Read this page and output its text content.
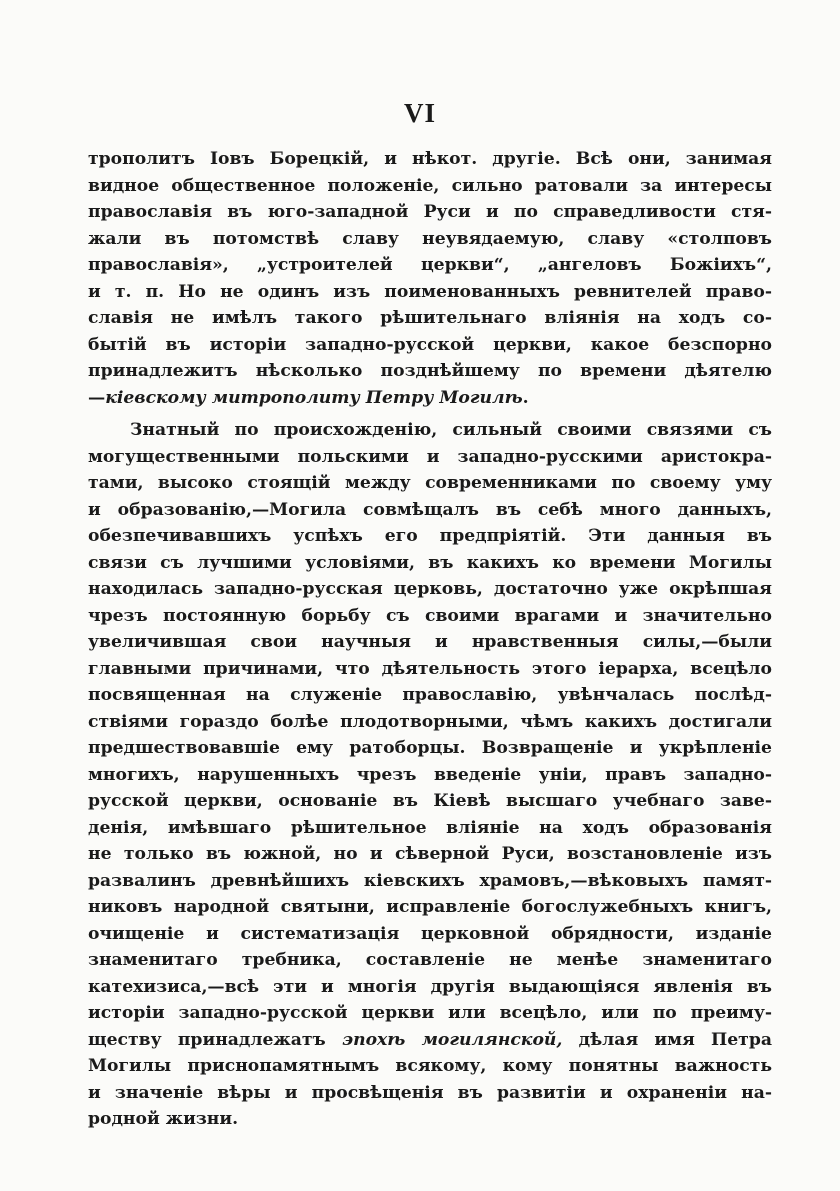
VI
трополитъ Іовъ Борецкій, и нѣкот. другіе. Всѣ они, занимая
видное общественное положеніе, сильно ратовали за интересы
православія въ юго-западной Руси и по справедливости стя-
жали въ потомствѣ славу неувядаемую, славу «столповъ
православія», „устроителей церкви“, „ангеловъ Божіихъ“,
и т. п. Но не одинъ изъ поименованныхъ ревнителей право-
славія не имѣлъ такого рѣшительнаго вліянія на ходъ со-
бытій въ исторіи западно-русской церкви, какое безспорно
принадлежитъ нѣсколько позднѣйшему по времени дѣятелю
—кіевскому митрополиту Петру Могилѣ.
Знатный по происхожденію, сильный своими связями съ
могущественными польскими и западно-русскими аристокра-
тами, высоко стоящій между современниками по своему уму
и образованію,—Могила совмѣщалъ въ себѣ много данныхъ,
обезпечивавшихъ успѣхъ его предпріятій. Эти данныя въ
связи съ лучшими условіями, въ какихъ ко времени Могилы
находилась западно-русская церковь, достаточно уже окрѣпшая
чрезъ постоянную борьбу съ своими врагами и значительно
увеличившая свои научныя и нравственныя силы,—были
главными причинами, что дѣятельность этого іерарха, всецѣло
посвященная на служеніе православію, увѣнчалась послѣд-
ствіями гораздо болѣе плодотворными, чѣмъ какихъ достигали
предшествовавшіе ему ратоборцы. Возвращеніе и укрѣпленіе
многихъ, нарушенныхъ чрезъ введеніе уніи, правъ западно-
русской церкви, основаніе въ Кіевѣ высшаго учебнаго заве-
денія, имѣвшаго рѣшительное вліяніе на ходъ образованія
не только въ южной, но и сѣверной Руси, возстановленіе изъ
развалинъ древнѣйшихъ кіевскихъ храмовъ,—вѣковыхъ памят-
никовъ народной святыни, исправленіе богослужебныхъ книгъ,
очищеніе и систематизація церковной обрядности, изданіе
знаменитаго требника, составленіе не менѣе знаменитаго
катехизиса,—всѣ эти и многія другія выдающіяся явленія въ
исторіи западно-русской церкви или всецѣло, или по преиму-
ществу принадлежатъ эпохѣ могилянской, дѣлая имя Петра
Могилы приснопамятнымъ всякому, кому понятны важность
и значеніе вѣры и просвѣщенія въ развитіи и охраненіи на-
родной жизни.
